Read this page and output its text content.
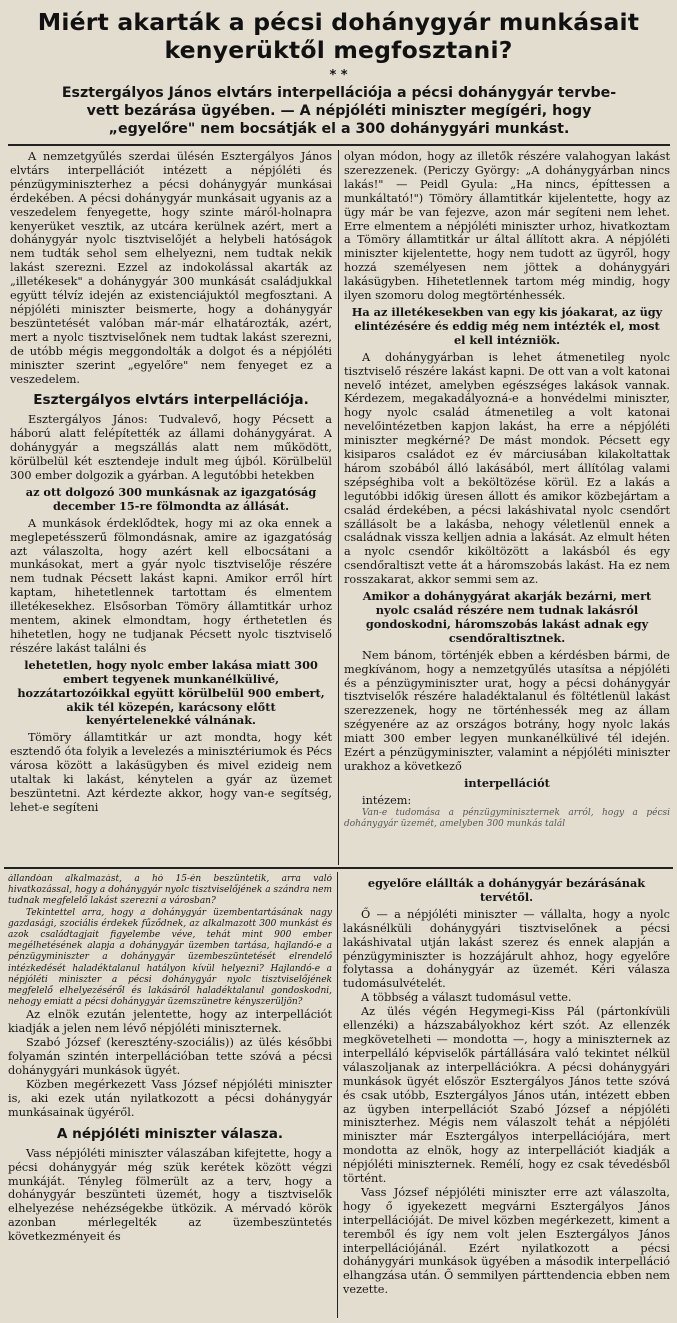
Miért akarták a pécsi dohánygyár munkásait
kenyerüktől megfosztani?
* *
Esztergályos János elvtárs interpellációja a pécsi dohánygyár tervbe-
vett bezárása ügyében. — A népjóléti miniszter megígéri, hogy
„egyelőre" nem bocsátják el a 300 dohánygyári munkást.

A nemzetgyűlés szerdai ülésén Esztergályos János elvtárs interpellációt intézett a népjóléti és pénzügyminiszterhez a pécsi dohánygyár munkásai érdekében. A pécsi dohánygyár munkásait ugyanis az a veszedelem fenyegette, hogy szinte máról-holnapra kenyerüket vesztik, az utcára kerülnek azért, mert a dohánygyár nyolc tisztviselőjét a helybeli hatóságok nem tudták sehol sem elhelyezni, nem tudtak nekik lakást szerezni. Ezzel az indokolással akarták az „illetékesek" a dohánygyár 300 munkását családjukkal együtt télvíz idején az existenciájuktól megfosztani. A népjóléti miniszter beismerte, hogy a dohánygyár beszüntetését valóban már-már elhatározták, azért, mert a nyolc tisztviselőnek nem tudtak lakást szerezni, de utóbb mégis meggondolták a dolgot és a népjóléti miniszter szerint „egyelőre" nem fenyeget ez a veszedelem.

Esztergályos elvtárs interpellációja.

Esztergályos János: Tudvalevő, hogy Pécsett a háború alatt felépítették az állami dohánygyárat. A dohánygyár a megszállás alatt nem működött, körülbelül két esztendeje indult meg újból. Körülbelül 300 ember dolgozik a gyárban. A legutóbbi hetekben

az ott dolgozó 300 munkásnak az igazgatóság december 15-re fölmondta az állását.

A munkások érdeklődtek, hogy mi az oka ennek a meglepetésszerű fölmondásnak, amire az igazgatóság azt válaszolta, hogy azért kell elbocsátani a munkásokat, mert a gyár nyolc tisztviselője részére nem tudnak Pécsett lakást kapni. Amikor erről hírt kaptam, hihetetlennek tartottam és elmentem illetékesekhez. Elsősorban Tömöry államtitkár urhoz mentem, akinek elmondtam, hogy érthetetlen és hihetetlen, hogy ne tudjanak Pécsett nyolc tisztviselő részére lakást találni és

lehetetlen, hogy nyolc ember lakása miatt 300 embert tegyenek munkanélkülivé, hozzátartozóikkal együtt körülbelül 900 embert, akik tél közepén, karácsony előtt kenyértelenekké válnának.

Tömöry államtitkár ur azt mondta, hogy két esztendő óta folyik a levelezés a minisztériumok és Pécs városa között a lakásügyben és mivel ezideig nem utaltak ki lakást, kénytelen a gyár az üzemet beszüntetni. Azt kérdezte akkor, hogy van-e segítség, lehet-e segíteni

olyan módon, hogy az illetők részére valahogyan lakást szerezzenek. (Periczy György: „A dohánygyárban nincs lakás!" — Peidl Gyula: „Ha nincs, építtessen a munkáltató!") Tömöry államtitkár kijelentette, hogy az ügy már be van fejezve, azon már segíteni nem lehet. Erre elmentem a népjóléti miniszter urhoz, hivatkoztam a Tömöry államtitkár ur által állított akra. A népjóléti miniszter kijelentette, hogy nem tudott az ügyről, hogy hozzá személyesen nem jöttek a dohánygyári lakásügyben. Hihetetlennek tartom még mindig, hogy ilyen szomoru dolog megtörténhessék.

Ha az illetékesekben van egy kis jóakarat, az ügy elintézésére és eddig még nem intézték el, most el kell intézniök.

A dohánygyárban is lehet átmenetileg nyolc tisztviselő részére lakást kapni. De ott van a volt katonai nevelő intézet, amelyben egészséges lakások vannak. Kérdezem, megakadályozná-e a honvédelmi miniszter, hogy nyolc család átmenetileg a volt katonai nevelőintézetben kapjon lakást, ha erre a népjóléti miniszter megkérné? De mást mondok. Pécsett egy kisiparos családot ez év márciusában kilakoltattak három szobából álló lakásából, mert állítólag valami szépséghiba volt a beköltözése körül. Ez a lakás a legutóbbi időkig üresen állott és amikor közbejártam a család érdekében, a pécsi lakáshivatal nyolc csendőrt szállásolt be a lakásba, nehogy véletlenül ennek a családnak vissza kelljen adnia a lakását. Az elmult héten a nyolc csendőr kiköltözött a lakásból és egy csendőraltiszt vette át a háromszobás lakást. Ha ez nem rosszakarat, akkor semmi sem az.

Amikor a dohánygyárat akarják bezárni, mert nyolc család részére nem tudnak lakásról gondoskodni, háromszobás lakást adnak egy csendőraltisztnek.

Nem bánom, történjék ebben a kérdésben bármi, de megkívánom, hogy a nemzetgyűlés utasítsa a népjóléti és a pénzügyminiszter urat, hogy a pécsi dohánygyár tisztviselők részére haladéktalanul és föltétlenül lakást szerezzenek, hogy ne történhessék meg az állam szégyenére az az országos botrány, hogy nyolc lakás miatt 300 ember legyen munkanélkülivé tél idején. Ezért a pénzügyminiszter, valamint a népjóléti miniszter urakhoz a következő

interpellációt

intézem:

Van-e tudomása a pénzügyminiszternek arról, hogy a pécsi dohánygyár üzemét, amelyben 300 munkás talál

állandóan alkalmazást, a hó 15-én beszüntetik, arra való hivatkozással, hogy a dohánygyár nyolc tisztviselőjének a szándra nem tudnak megfelelő lakást szerezni a városban?

Tekintettel arra, hogy a dohánygyár üzembentartásának nagy gazdasági, szociális érdekek fűződnek, az alkalmazott 300 munkást és azok családtagjait figyelembe véve, tehát mint 900 ember megélhetésének alapja a dohánygyár üzemben tartása, hajlandó-e a pénzügyminiszter a dohánygyár üzembeszüntetését elrendelő intézkedését haladéktalanul hatályon kívül helyezni? Hajlandó-e a népjóléti miniszter a pécsi dohánygyár nyolc tisztviselőjének megfelelő elhelyezéséről és lakásáról haladéktalanul gondoskodni, nehogy emiatt a pécsi dohánygyár üzemszünetre kényszerüljön?

Az elnök ezután jelentette, hogy az interpellációt kiadják a jelen nem lévő népjóléti miniszternek.

Szabó József (keresztény-szociális)) az ülés későbbi folyamán szintén interpellációban tette szóvá a pécsi dohánygyári munkások ügyét.

Közben megérkezett Vass József népjóléti miniszter is, aki ezek után nyilatkozott a pécsi dohánygyár munkásainak ügyéről.

A népjóléti miniszter válasza.

Vass népjóléti miniszter válaszában kifejtette, hogy a pécsi dohánygyár még szük kerétek között végzi munkáját. Tényleg fölmerült az a terv, hogy a dohánygyár beszünteti üzemét, hogy a tisztviselők elhelyezése nehézségekbe ütközik. A mérvadó körök azonban mérlegelték az üzembeszüntetés következményeit és

egyelőre elállták a dohánygyár bezárásának tervétől.

Ő — a népjóléti miniszter — vállalta, hogy a nyolc lakásnélküli dohánygyári tisztviselőnek a pécsi lakáshivatal utján lakást szerez és ennek alapján a pénzügyminiszter is hozzájárult ahhoz, hogy egyelőre folytassa a dohánygyár az üzemét. Kéri válasza tudomásulvételét.

A többség a választ tudomásul vette.

Az ülés végén Hegymegi-Kiss Pál (pártonkívüli ellenzéki) a házszabályokhoz kért szót. Az ellenzék megkövetelheti — mondotta —, hogy a miniszternek az interpelláló képviselők pártállására való tekintet nélkül válaszoljanak az interpellációkra. A pécsi dohánygyári munkások ügyét először Esztergályos János tette szóvá és csak utóbb, Esztergályos János után, intézett ebben az ügyben interpellációt Szabó József a népjóléti miniszterhez. Mégis nem válaszolt tehát a népjóléti miniszter már Esztergályos interpellációjára, mert mondotta az elnök, hogy az interpellációt kiadják a népjóléti miniszternek. Remélí, hogy ez csak tévedésből történt.

Vass József népjóléti miniszter erre azt válaszolta, hogy ő igyekezett megvárni Esztergályos János interpellációját. De mivel közben megérkezett, kiment a teremből és így nem volt jelen Esztergályos János interpellációjánál. Ezért nyilatkozott a pécsi dohánygyári munkások ügyében a második interpelláció elhangzása után. Ő semmilyen párttendencia ebben nem vezette.
